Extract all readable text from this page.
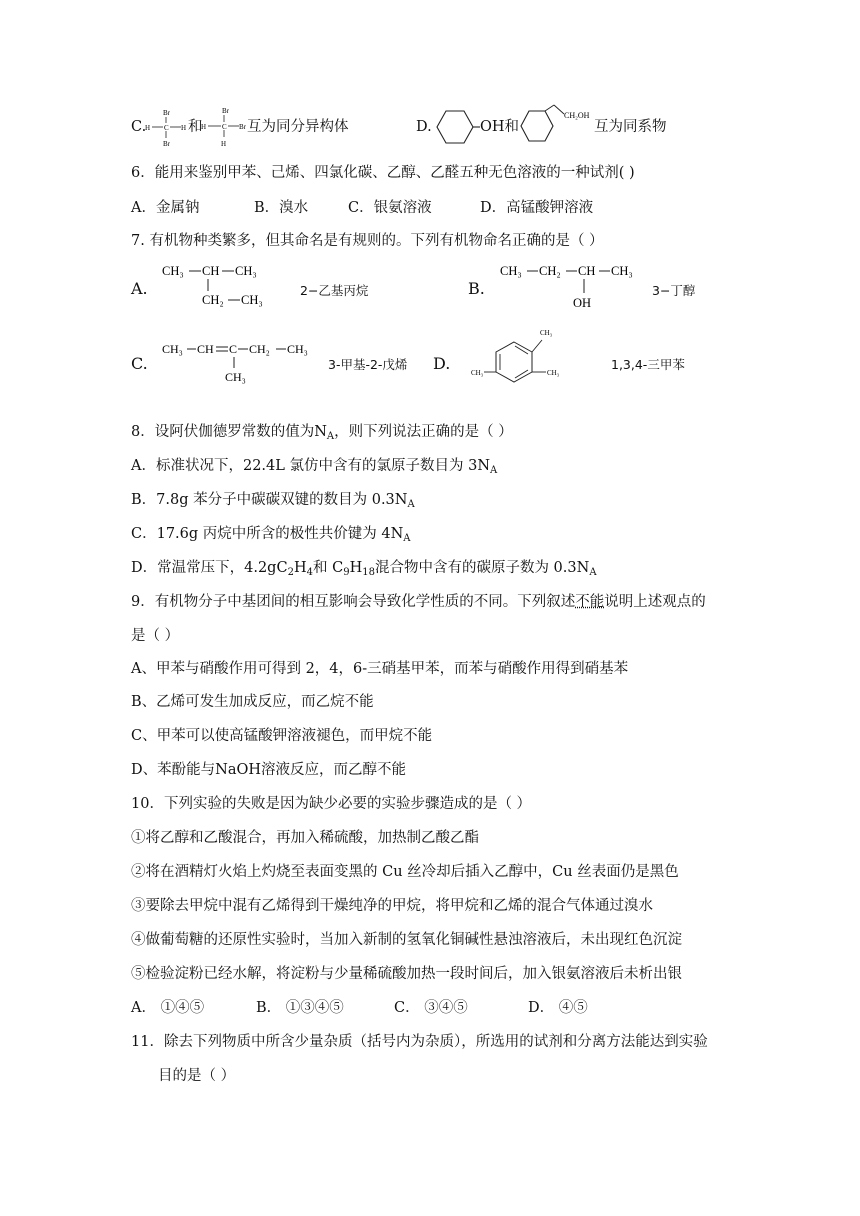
C.
Br
H C H
Br
和
Br
H C Br
H
互为同分异构体	D.	OH和
CH₂OH
互为同系物
6．能用来鉴别甲苯、己烯、四氯化碳、乙醇、乙醛五种无色溶液的一种试剂( )
A．金属钠	B．溴水	C．银氨溶液	D．高锰酸钾溶液
7. 有机物种类繁多，但其命名是有规则的。下列有机物命名正确的是（ ）
A.
CH₃ CH CH₃
CH₂ CH₃
2−乙基丙烷	B.
CH₃ CH₂ CH CH₃
OH
3−丁醇
C.
CH₃ CH C CH₂ CH₃
CH₃
3-甲基-2-戊烯 D.
CH₃
CH₃
CH₃
1,3,4-三甲苯
8．设阿伏伽德罗常数的值为$N_A$，则下列说法正确的是（ ）
A．标准状况下，22.4L 氯仿中含有的氯原子数目为 $3N_A$
B．7.8g 苯分子中碳碳双键的数目为 $0.3N_A$
C．17.6g 丙烷中所含的极性共价键为 $4N_A$
D．常温常压下，$4.2gC_2H_4$和 $C_9H_{18}$混合物中含有的碳原子数为 $0.3N_A$
9．有机物分子中基团间的相互影响会导致化学性质的不同。下列叙述不能说明上述观点的
是（ ）
A、甲苯与硝酸作用可得到 2，4，6-三硝基甲苯，而苯与硝酸作用得到硝基苯
B、乙烯可发生加成反应，而乙烷不能
C、甲苯可以使高锰酸钾溶液褪色，而甲烷不能
D、苯酚能与NaOH溶液反应，而乙醇不能
10．下列实验的失败是因为缺少必要的实验步骤造成的是（ ）
①将乙醇和乙酸混合，再加入稀硫酸，加热制乙酸乙酯
②将在酒精灯火焰上灼烧至表面变黑的 Cu 丝冷却后插入乙醇中，Cu 丝表面仍是黑色
③要除去甲烷中混有乙烯得到干燥纯净的甲烷，将甲烷和乙烯的混合气体通过溴水
④做葡萄糖的还原性实验时，当加入新制的氢氧化铜碱性悬浊溶液后，未出现红色沉淀
⑤检验淀粉已经水解，将淀粉与少量稀硫酸加热一段时间后，加入银氨溶液后未析出银
A． ①④⑤	B． ①③④⑤	C． ③④⑤	D． ④⑤
11．除去下列物质中所含少量杂质（括号内为杂质），所选用的试剂和分离方法能达到实验
目的是（ ）
